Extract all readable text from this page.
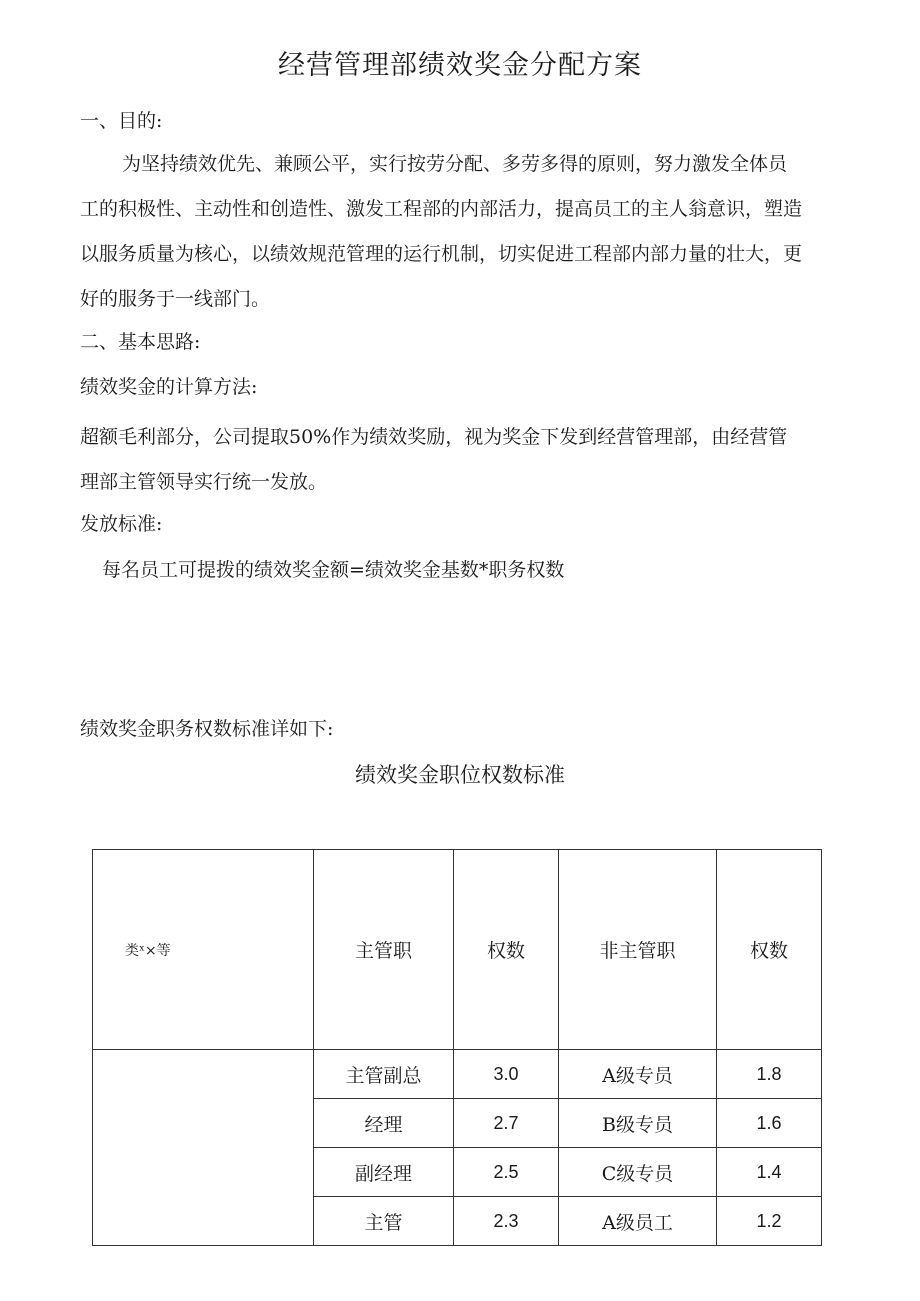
经营管理部绩效奖金分配方案
一、目的:
为坚持绩效优先、兼顾公平，实行按劳分配、多劳多得的原则，努力激发全体员
工的积极性、主动性和创造性、激发工程部的内部活力，提高员工的主人翁意识，塑造
以服务质量为核心，以绩效规范管理的运行机制，切实促进工程部内部力量的壮大，更
好的服务于一线部门。
二、基本思路:
绩效奖金的计算方法:
超额毛利部分，公司提取50%作为绩效奖励，视为奖金下发到经营管理部，由经营管
理部主管领导实行统一发放。
发放标准:
每名员工可提拨的绩效奖金额=绩效奖金基数*职务权数
绩效奖金职务权数标准详如下:
绩效奖金职位权数标准
类ˣ×等	主管职	权数	非主管职	权数
	主管副总	3.0	A级专员	1.8
	经理	2.7	B级专员	1.6
	副经理	2.5	C级专员	1.4
	主管	2.3	A级员工	1.2
